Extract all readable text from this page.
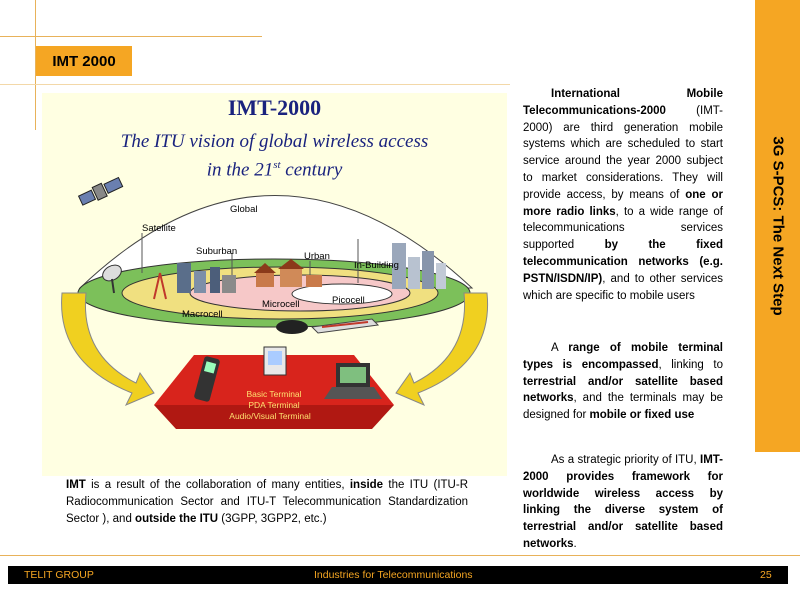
IMT 2000
3G S-PCS: The Next Step
IMT-2000
The ITU vision of global wireless access
in the 21st century
Global
Satellite
Suburban	Urban
In-Building
Macrocell
Microcell	Picocell
Basic Terminal
PDA Terminal
Audio/Visual Terminal
International Mobile Telecommunications-2000 (IMT-2000) are third generation mobile systems which are scheduled to start service around the year 2000 subject to market considerations. They will provide access, by means of one or more radio links, to a wide range of telecommunications services supported by the fixed telecommunication networks (e.g. PSTN/ISDN/IP), and to other services which are specific to mobile users
A range of mobile terminal types is encompassed, linking to terrestrial and/or satellite based networks, and the terminals may be designed for mobile or fixed use
As a strategic priority of ITU, IMT-2000 provides framework for worldwide wireless access by linking the diverse system of terrestrial and/or satellite based networks.
IMT is a result of the collaboration of many entities, inside the ITU (ITU-R Radiocommunication Sector and ITU-T Telecommunication Standardization Sector ), and outside the ITU (3GPP, 3GPP2, etc.)
TELIT GROUP	Industries for Telecommunications	25
